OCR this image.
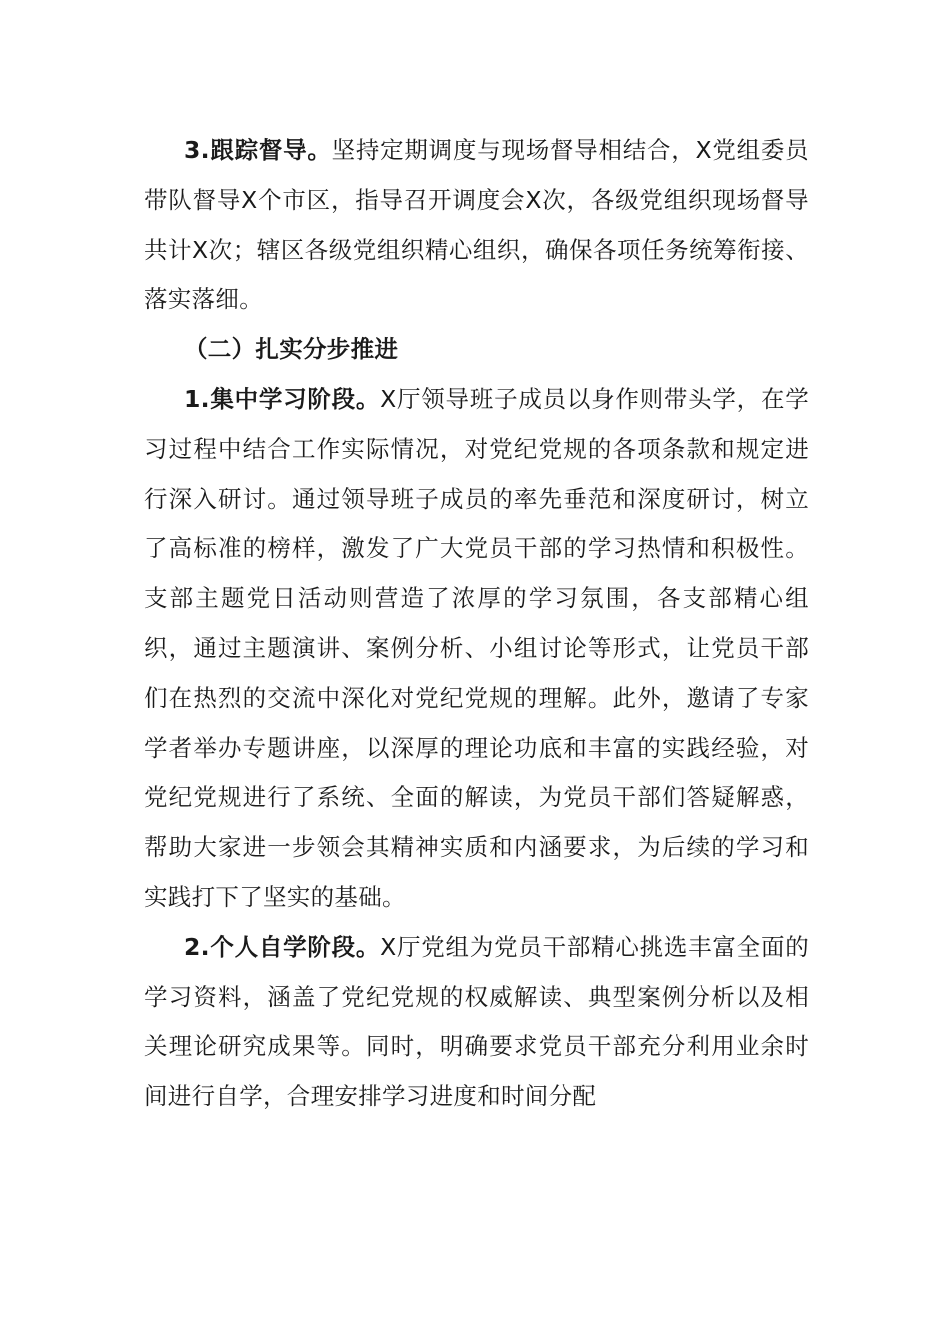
3.跟踪督导。坚持定期调度与现场督导相结合，X党组委员带队督导X个市区，指导召开调度会X次，各级党组织现场督导共计X次；辖区各级党组织精心组织，确保各项任务统筹衔接、落实落细。

（二）扎实分步推进

1.集中学习阶段。X厅领导班子成员以身作则带头学，在学习过程中结合工作实际情况，对党纪党规的各项条款和规定进行深入研讨。通过领导班子成员的率先垂范和深度研讨，树立了高标准的榜样，激发了广大党员干部的学习热情和积极性。支部主题党日活动则营造了浓厚的学习氛围，各支部精心组织，通过主题演讲、案例分析、小组讨论等形式，让党员干部们在热烈的交流中深化对党纪党规的理解。此外，邀请了专家学者举办专题讲座，以深厚的理论功底和丰富的实践经验，对党纪党规进行了系统、全面的解读，为党员干部们答疑解惑，帮助大家进一步领会其精神实质和内涵要求，为后续的学习和实践打下了坚实的基础。

2.个人自学阶段。X厅党组为党员干部精心挑选丰富全面的学习资料，涵盖了党纪党规的权威解读、典型案例分析以及相关理论研究成果等。同时，明确要求党员干部充分利用业余时间进行自学，合理安排学习进度和时间分配
